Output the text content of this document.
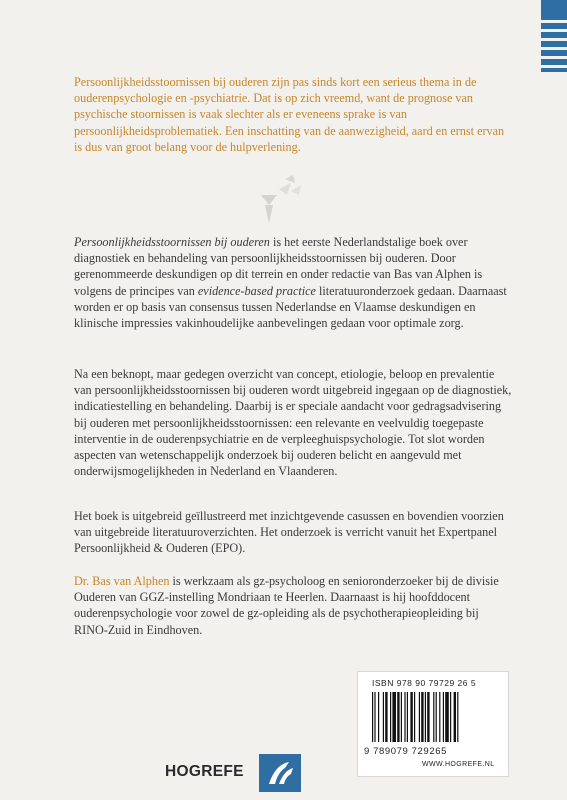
Persoonlijkheidsstoornissen bij ouderen zijn pas sinds kort een serieus thema in de ouderenpsychologie en -psychiatrie. Dat is op zich vreemd, want de prognose van psychische stoornissen is vaak slechter als er eveneens sprake is van persoonlijkheidsproblematiek. Een inschatting van de aanwezigheid, aard en ernst ervan is dus van groot belang voor de hulpverlening.

Persoonlijkheidsstoornissen bij ouderen is het eerste Nederlandstalige boek over diagnostiek en behandeling van persoonlijkheidsstoornissen bij ouderen. Door gerenommeerde deskundigen op dit terrein en onder redactie van Bas van Alphen is volgens de principes van evidence-based practice literatuuronderzoek gedaan. Daarnaast worden er op basis van consensus tussen Nederlandse en Vlaamse deskundigen en klinische impressies vakinhoudelijke aanbevelingen gedaan voor optimale zorg.

Na een beknopt, maar gedegen overzicht van concept, etiologie, beloop en prevalentie van persoonlijkheidsstoornissen bij ouderen wordt uitgebreid ingegaan op de diagnostiek, indicatiestelling en behandeling. Daarbij is er speciale aandacht voor gedragsadvisering bij ouderen met persoonlijkheidsstoornissen: een relevante en veelvuldig toegepaste interventie in de ouderenpsychiatrie en de verpleeghuispsychologie. Tot slot worden aspecten van wetenschappelijk onderzoek bij ouderen belicht en aangevuld met onderwijsmogelijkheden in Nederland en Vlaanderen.

Het boek is uitgebreid geïllustreerd met inzichtgevende casussen en bovendien voorzien van uitgebreide literatuuroverzichten. Het onderzoek is verricht vanuit het Expertpanel Persoonlijkheid & Ouderen (EPO).

Dr. Bas van Alphen is werkzaam als gz-psycholoog en senioronderzoeker bij de divisie Ouderen van GGZ-instelling Mondriaan te Heerlen. Daarnaast is hij hoofddocent ouderenpsychologie voor zowel de gz-opleiding als de psychotherapieopleiding bij RINO-Zuid in Eindhoven.

ISBN 978 90 79729 26 5
9 789079 729265
WWW.HOGREFE.NL
HOGREFE
